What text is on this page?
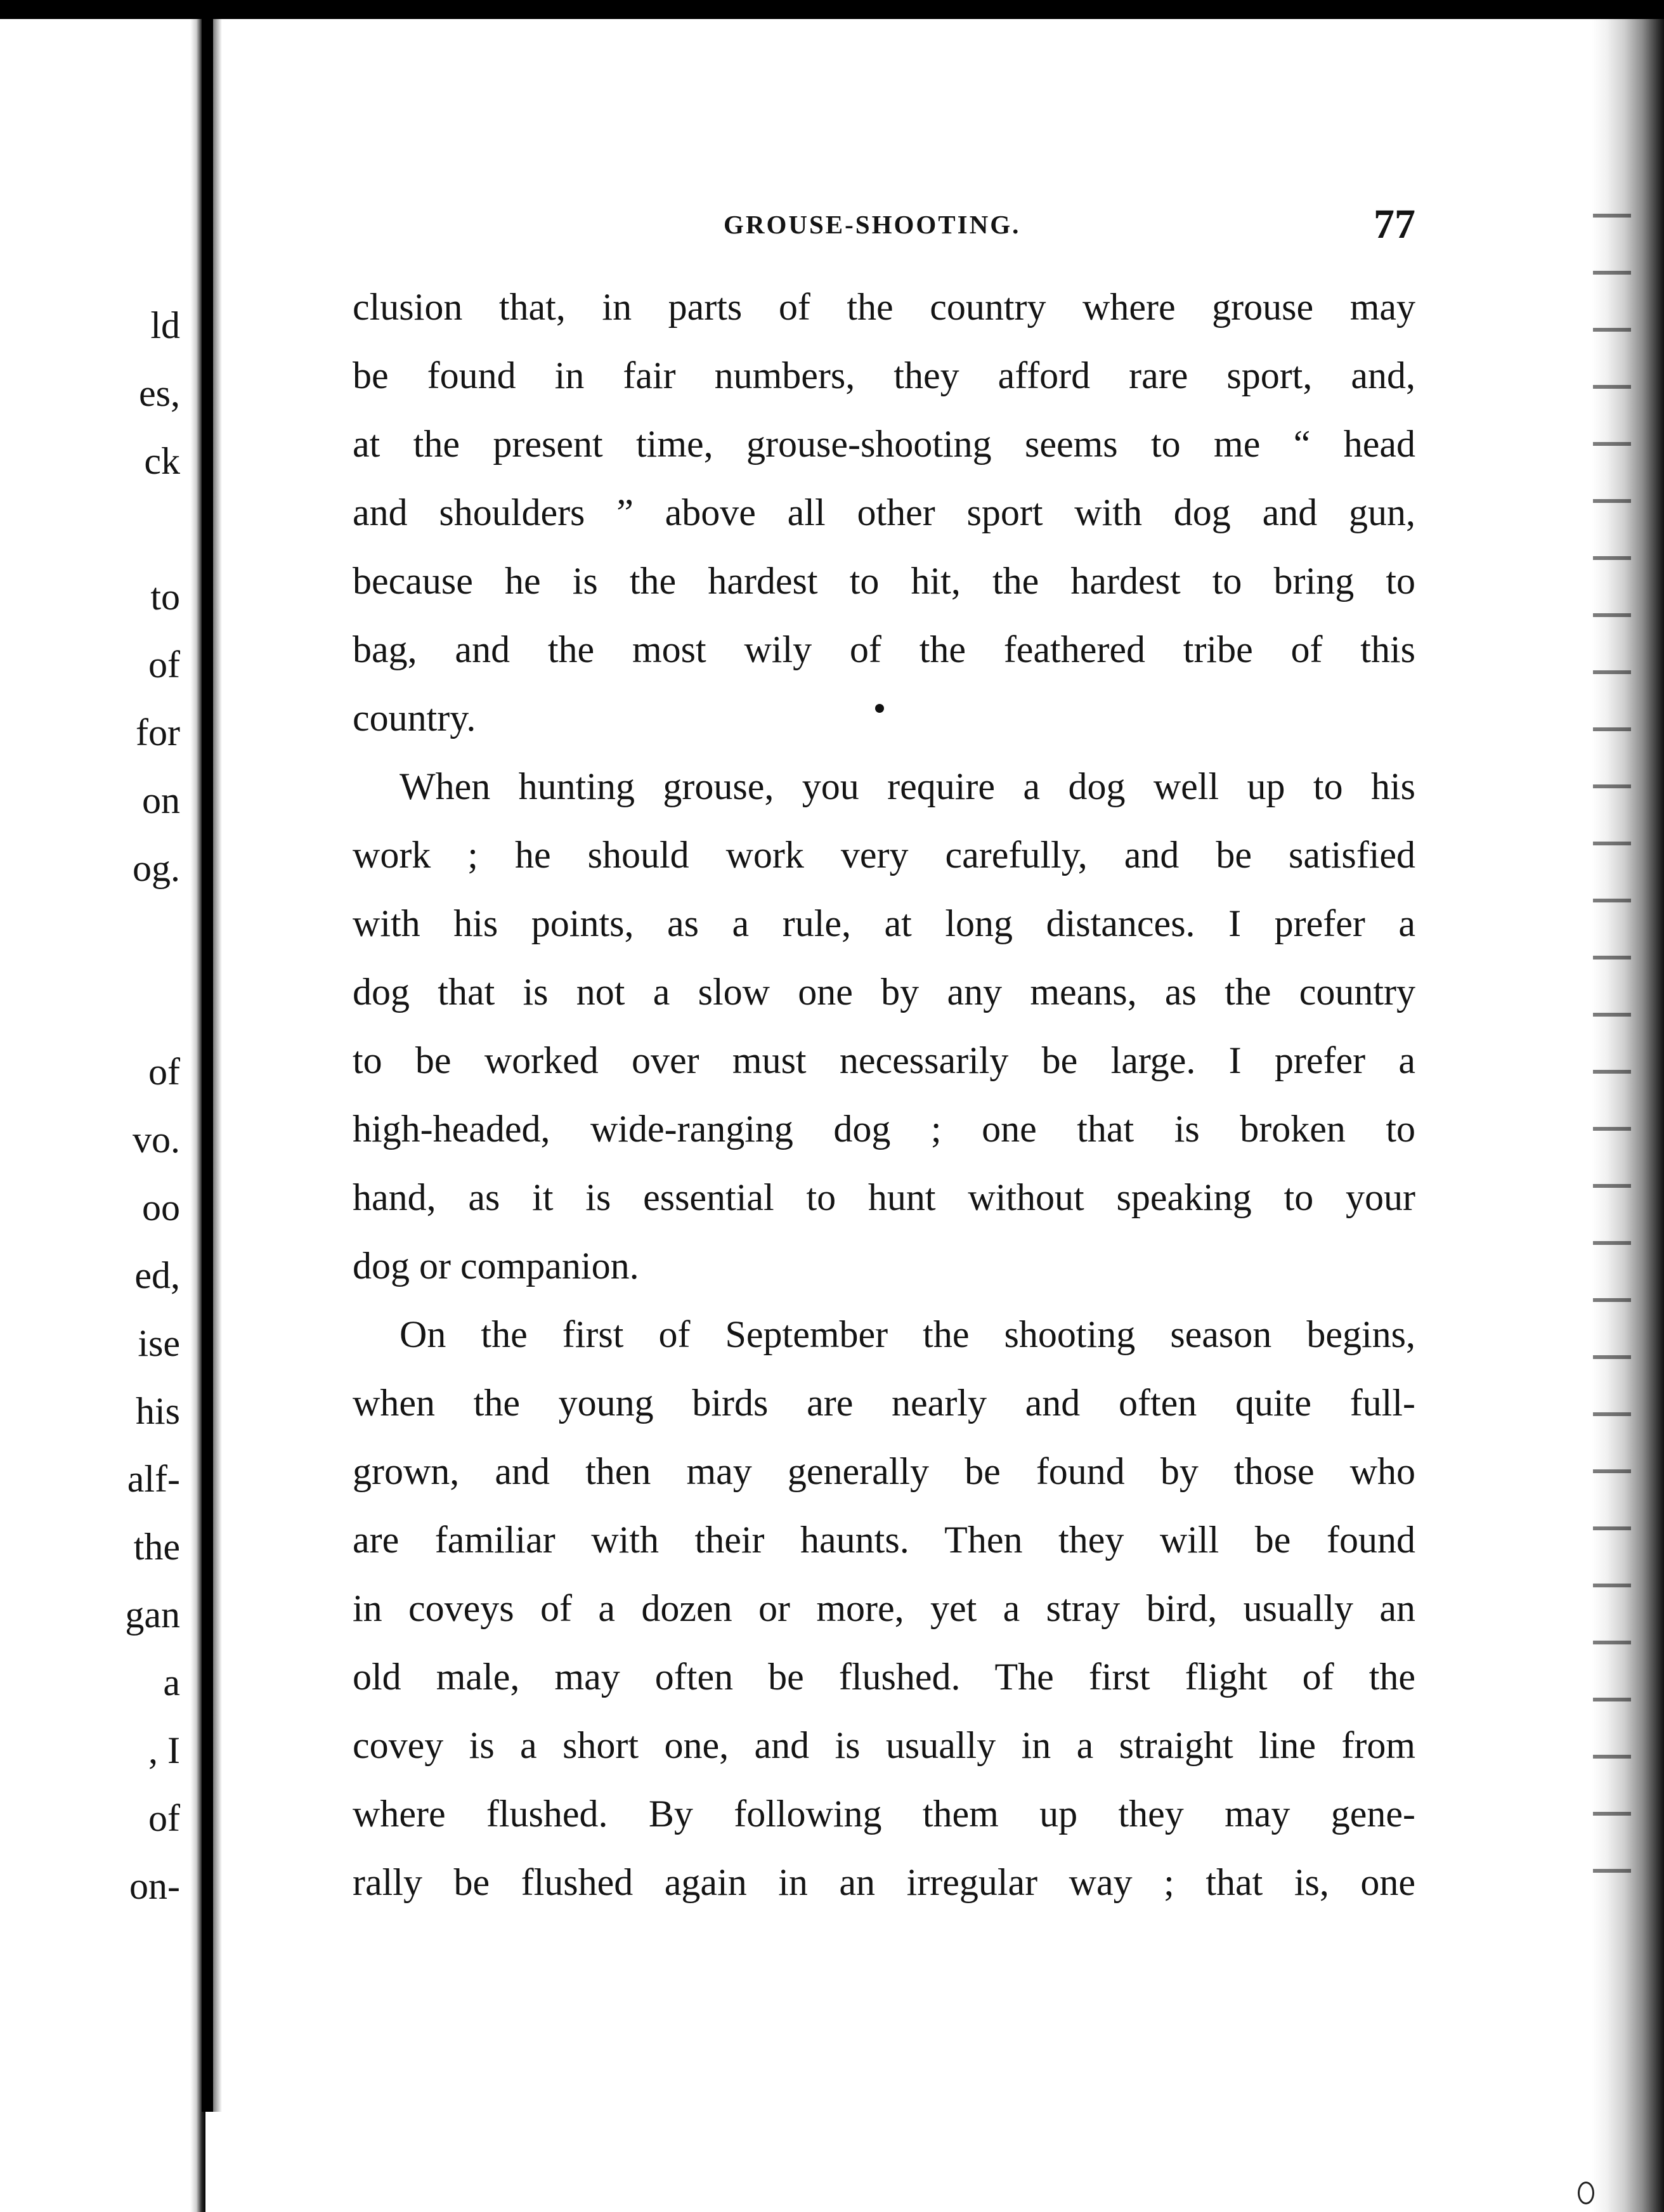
ld
es,
ck
to
of
for
on
og.
of
vo.
oo
ed,
ise
his
alf-
the
gan
a
, I
of
on-
GROUSE-SHOOTING.	77
clusion that, in parts of the country where grouse may
be found in fair numbers, they afford rare sport, and,
at the present time, grouse-shooting seems to me “ head
and shoulders ” above all other sport with dog and gun,
because he is the hardest to hit, the hardest to bring to
bag, and the most wily of the feathered tribe of this
country.
When hunting grouse, you require a dog well up to his
work ; he should work very carefully, and be satisfied
with his points, as a rule, at long distances. I prefer a
dog that is not a slow one by any means, as the country
to be worked over must necessarily be large. I prefer a
high-headed, wide-ranging dog ; one that is broken to
hand, as it is essential to hunt without speaking to your
dog or companion.
On the first of September the shooting season begins,
when the young birds are nearly and often quite full-
grown, and then may generally be found by those who
are familiar with their haunts. Then they will be found
in coveys of a dozen or more, yet a stray bird, usually an
old male, may often be flushed. The first flight of the
covey is a short one, and is usually in a straight line from
where flushed. By following them up they may gene-
rally be flushed again in an irregular way ; that is, one
